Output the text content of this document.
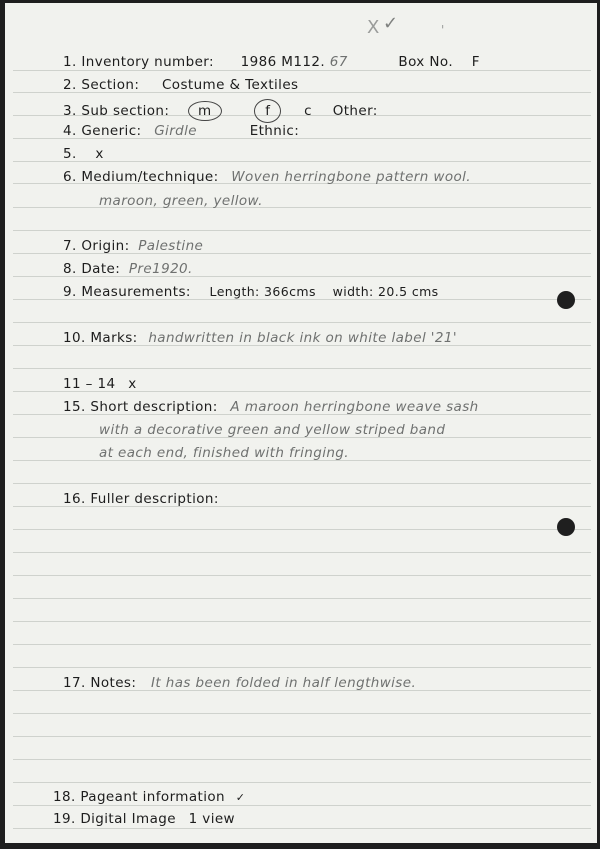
X ✓	'
1. Inventory number: 1986 M112. 67	Box No. F
2. Section: Costume & Textiles
3. Sub section: m	f c Other:
4. Generic: Girdle	Ethnic:
5. x
6. Medium/technique: Woven herringbone pattern wool.
maroon, green, yellow.
7. Origin: Palestine
8. Date: Pre1920.
9. Measurements: Length: 366cms width: 20.5 cms
10. Marks: handwritten in black ink on white label '21'
11 – 14 x
15. Short description: A maroon herringbone weave sash
with a decorative green and yellow striped band
at each end, finished with fringing.
16. Fuller description:
17. Notes: It has been folded in half lengthwise.
18. Pageant information ✓
19. Digital Image 1 view
